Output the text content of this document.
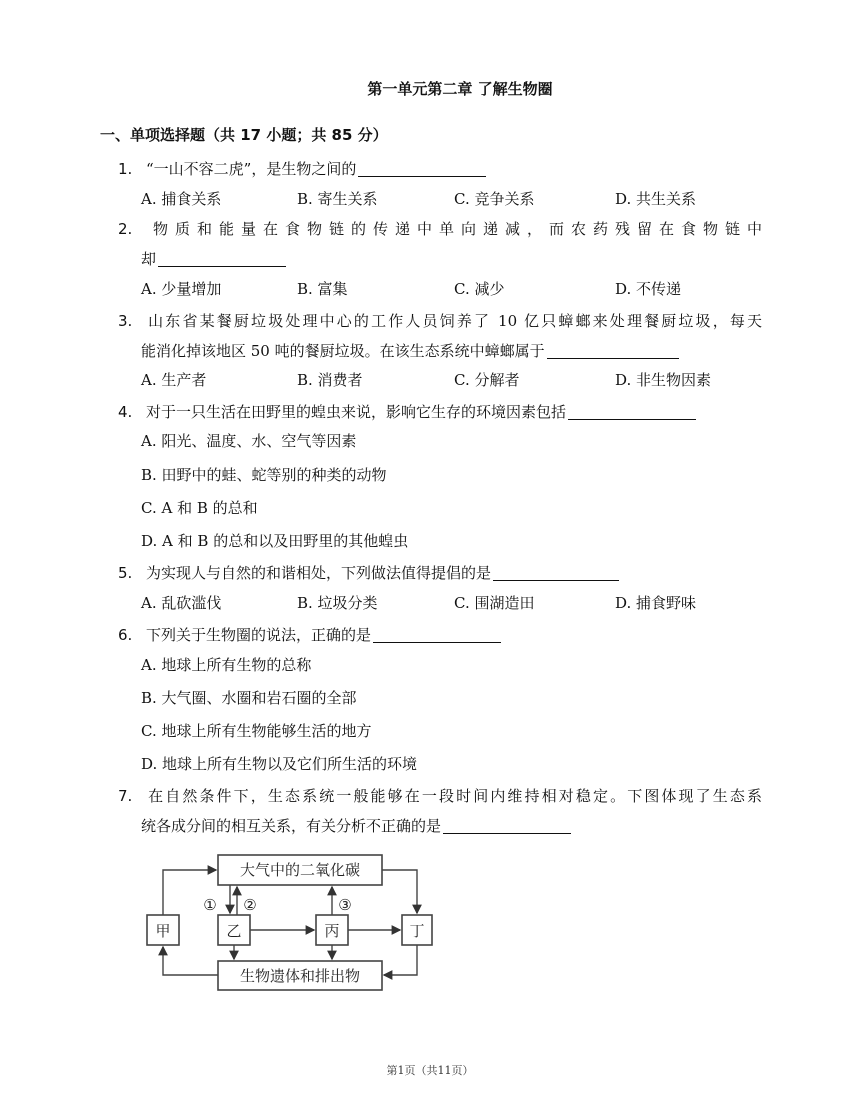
第一单元第二章 了解生物圈
一、单项选择题（共 17 小题；共 85 分）
1. “一山不容二虎”，是生物之间的
A. 捕食关系	B. 寄生关系	C. 竞争关系	D. 共生关系
2. 物质和能量在食物链的传递中单向递减，而农药残留在食物链中
却
A. 少量增加	B. 富集	C. 减少	D. 不传递
3. 山东省某餐厨垃圾处理中心的工作人员饲养了 10 亿只蟑螂来处理餐厨垃圾，每天
能消化掉该地区 50 吨的餐厨垃圾。在该生态系统中蟑螂属于
A. 生产者	B. 消费者	C. 分解者	D. 非生物因素
4. 对于一只生活在田野里的蝗虫来说，影响它生存的环境因素包括
A. 阳光、温度、水、空气等因素
B. 田野中的蛙、蛇等别的种类的动物
C. A 和 B 的总和
D. A 和 B 的总和以及田野里的其他蝗虫
5. 为实现人与自然的和谐相处，下列做法值得提倡的是
A. 乱砍滥伐	B. 垃圾分类	C. 围湖造田	D. 捕食野味
6. 下列关于生物圈的说法，正确的是
A. 地球上所有生物的总称
B. 大气圈、水圈和岩石圈的全部
C. 地球上所有生物能够生活的地方
D. 地球上所有生物以及它们所生活的环境
7. 在自然条件下，生态系统一般能够在一段时间内维持相对稳定。下图体现了生态系
统各成分间的相互关系，有关分析不正确的是
大气中的二氧化碳
生物遗体和排出物
甲	乙	丙	丁
① ②	③
第1页（共11页）
